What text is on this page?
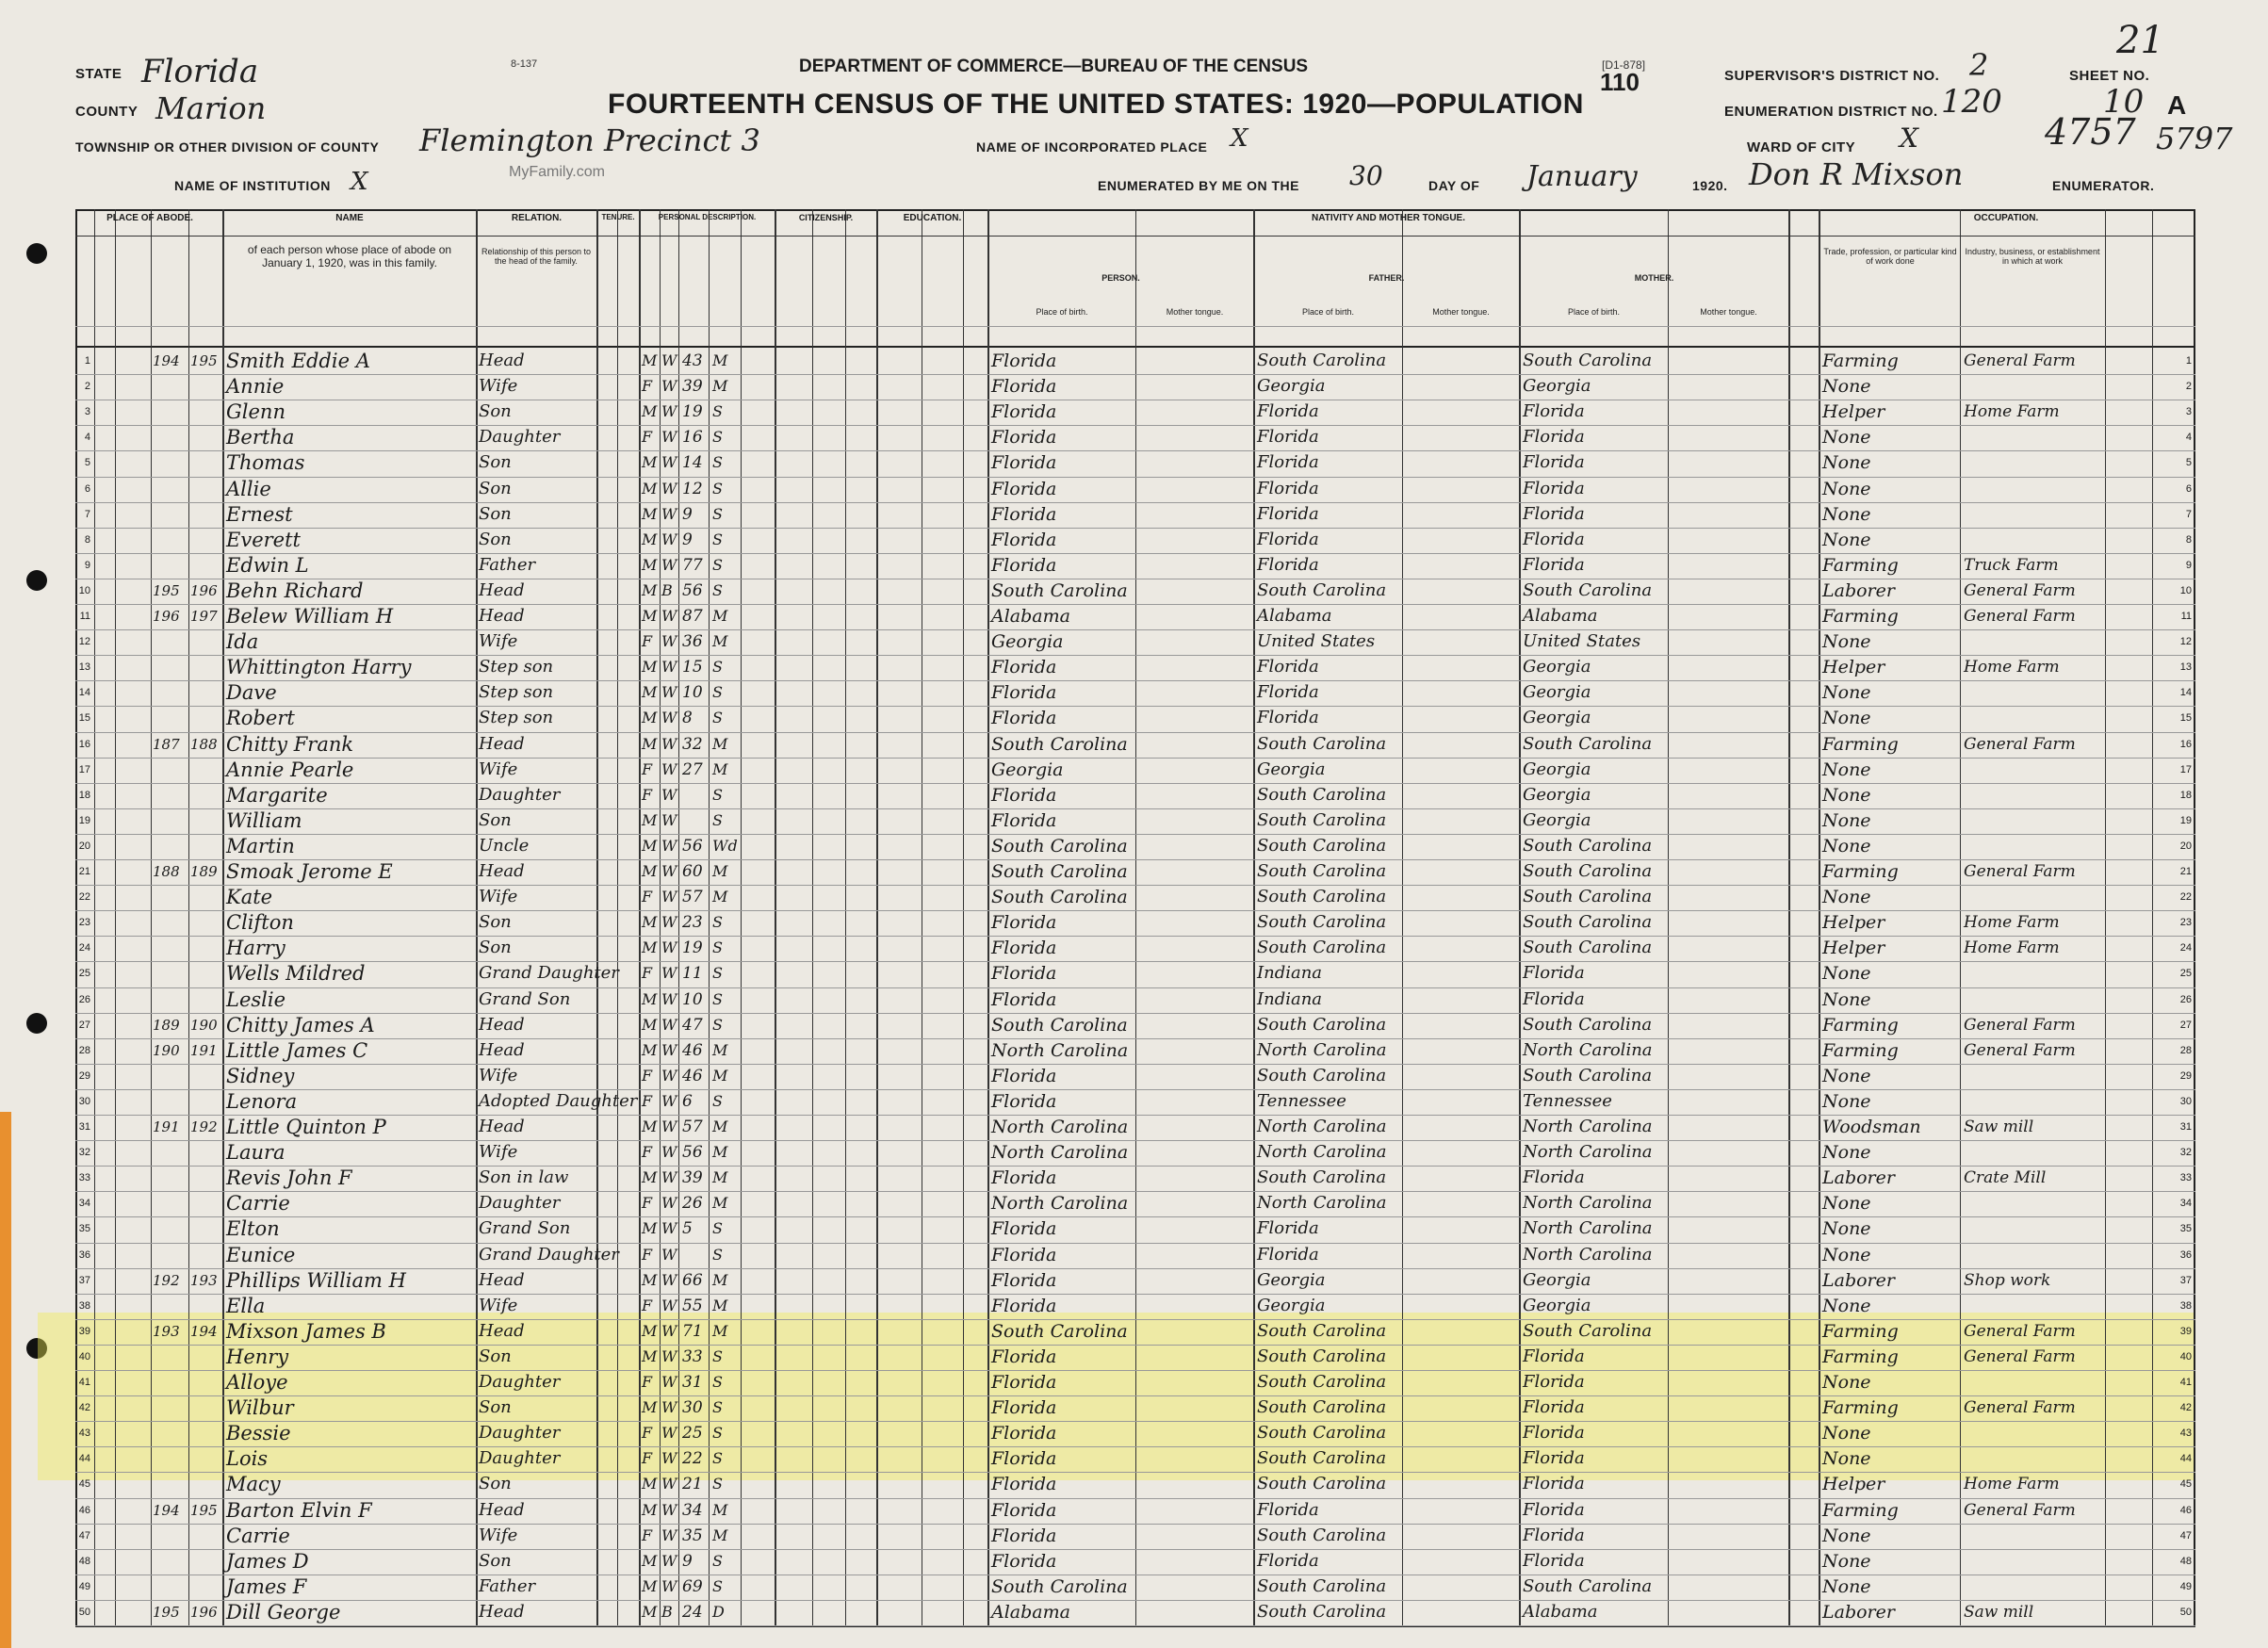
STATE Florida
COUNTY Marion
TOWNSHIP OR OTHER DIVISION OF COUNTY Flemington Precinct 3
NAME OF INSTITUTION X	MyFamily.com
8-137	DEPARTMENT OF COMMERCE—BUREAU OF THE CENSUS
FOURTEENTH CENSUS OF THE UNITED STATES: 1920—POPULATION
[D1-878]
110
NAME OF INCORPORATED PLACE X
ENUMERATED BY ME ON THE 30	DAY OF January	1920. Don R Mixson	ENUMERATOR.
SUPERVISOR'S DISTRICT NO. 2
ENUMERATION DISTRICT NO. 120
SHEET NO.
10 A
21
WARD OF CITY X	4757 5797
PLACE OF ABODE.	NAME	RELATION.	TENURE.	PERSONAL DESCRIPTION.	CITIZENSHIP.	EDUCATION.	NATIVITY AND MOTHER TONGUE.	OCCUPATION.
of each person whose place of abode on January 1, 1920, was in this family.
Relationship of this person to the head of the family.
PERSON.	FATHER.	MOTHER.
Place of birth.	Mother tongue.	Place of birth.	Mother tongue.	Place of birth.	Mother tongue.
Trade, profession, or particular kind of work done
Industry, business, or establishment in which at work
1	194 195 Smith Eddie A	Head	M W 43 M	Florida	South Carolina	South Carolina	Farming	General Farm	1
2	Annie	Wife	F W 39 M	Florida	Georgia	Georgia	None	2
3	Glenn	Son	M W 19 S	Florida	Florida	Florida	Helper	Home Farm	3
4	Bertha	Daughter	F W 16 S	Florida	Florida	Florida	None	4
5	Thomas	Son	M W 14 S	Florida	Florida	Florida	None	5
6	Allie	Son	M W 12 S	Florida	Florida	Florida	None	6
7	Ernest	Son	M W 9	S	Florida	Florida	Florida	None	7
8	Everett	Son	M W 9	S	Florida	Florida	Florida	None	8
9	Edwin L	Father	M W 77 S	Florida	Florida	Florida	Farming	Truck Farm	9
10	195 196 Behn Richard	Head	M B 56 S	South Carolina	South Carolina	South Carolina	Laborer	General Farm	10
11	196 197 Belew William H	Head	M W 87 M	Alabama	Alabama	Alabama	Farming	General Farm	11
12	Ida	Wife	F W 36 M	Georgia	United States	United States	None	12
13	Whittington Harry	Step son	M W 15 S	Florida	Florida	Georgia	Helper	Home Farm	13
14	Dave	Step son	M W 10 S	Florida	Florida	Georgia	None	14
15	Robert	Step son	M W 8	S	Florida	Florida	Georgia	None	15
16	187 188 Chitty Frank	Head	M W 32 M	South Carolina	South Carolina	South Carolina	Farming	General Farm	16
17	Annie Pearle	Wife	F W 27 M	Georgia	Georgia	Georgia	None	17
18	Margarite	Daughter	F W S	Florida	South Carolina	Georgia	None	18
19	William	Son	M W S	Florida	South Carolina	Georgia	None	19
20	Martin	Uncle	M W 56 Wd	South Carolina	South Carolina	South Carolina	None	20
21	188 189 Smoak Jerome E	Head	M W 60 M	South Carolina	South Carolina	South Carolina	Farming	General Farm	21
22	Kate	Wife	F W 57 M	South Carolina	South Carolina	South Carolina	None	22
23	Clifton	Son	M W 23 S	Florida	South Carolina	South Carolina	Helper	Home Farm	23
24	Harry	Son	M W 19 S	Florida	South Carolina	South Carolina	Helper	Home Farm	24
25	Wells Mildred	Grand Daughter F W 11 S	Florida	Indiana	Florida	None	25
26	Leslie	Grand Son	M W 10 S	Florida	Indiana	Florida	None	26
27	189 190 Chitty James A	Head	M W 47 S	South Carolina	South Carolina	South Carolina	Farming	General Farm	27
28	190 191 Little James C	Head	M W 46 M	North Carolina	North Carolina	North Carolina	Farming	General Farm	28
29	Sidney	Wife	F W 46 M	Florida	South Carolina	South Carolina	None	29
30	Lenora	Adopted Daughter F W 6	S	Florida	Tennessee	Tennessee	None	30
31	191 192 Little Quinton P	Head	M W 57 M	North Carolina	North Carolina	North Carolina	Woodsman	Saw mill	31
32	Laura	Wife	F W 56 M	North Carolina	North Carolina	North Carolina	None	32
33	Revis John F	Son in law	M W 39 M	Florida	South Carolina	Florida	Laborer	Crate Mill	33
34	Carrie	Daughter	F W 26 M	North Carolina	North Carolina	North Carolina	None	34
35	Elton	Grand Son	M W 5	S	Florida	Florida	North Carolina	None	35
36	Eunice	Grand Daughter F W S	Florida	Florida	North Carolina	None	36
37	192 193 Phillips William H	Head	M W 66 M	Florida	Georgia	Georgia	Laborer	Shop work	37
38	Ella	Wife	F W 55 M	Florida	Georgia	Georgia	None	38
39	193 194 Mixson James B	Head	M W 71 M	South Carolina	South Carolina	South Carolina	Farming	General Farm	39
40	Henry	Son	M W 33 S	Florida	South Carolina	Florida	Farming	General Farm	40
41	Alloye	Daughter	F W 31 S	Florida	South Carolina	Florida	None	41
42	Wilbur	Son	M W 30 S	Florida	South Carolina	Florida	Farming	General Farm	42
43	Bessie	Daughter	F W 25 S	Florida	South Carolina	Florida	None	43
44	Lois	Daughter	F W 22 S	Florida	South Carolina	Florida	None	44
45	Macy	Son	M W 21 S	Florida	South Carolina	Florida	Helper	Home Farm	45
46	194 195 Barton Elvin F	Head	M W 34 M	Florida	Florida	Florida	Farming	General Farm	46
47	Carrie	Wife	F W 35 M	Florida	South Carolina	Florida	None	47
48	James D	Son	M W 9	S	Florida	Florida	Florida	None	48
49	James F	Father	M W 69 S	South Carolina	South Carolina	South Carolina	None	49
50	195 196 Dill George	Head	M B 24 D	Alabama	South Carolina	Alabama	Laborer	Saw mill	50
